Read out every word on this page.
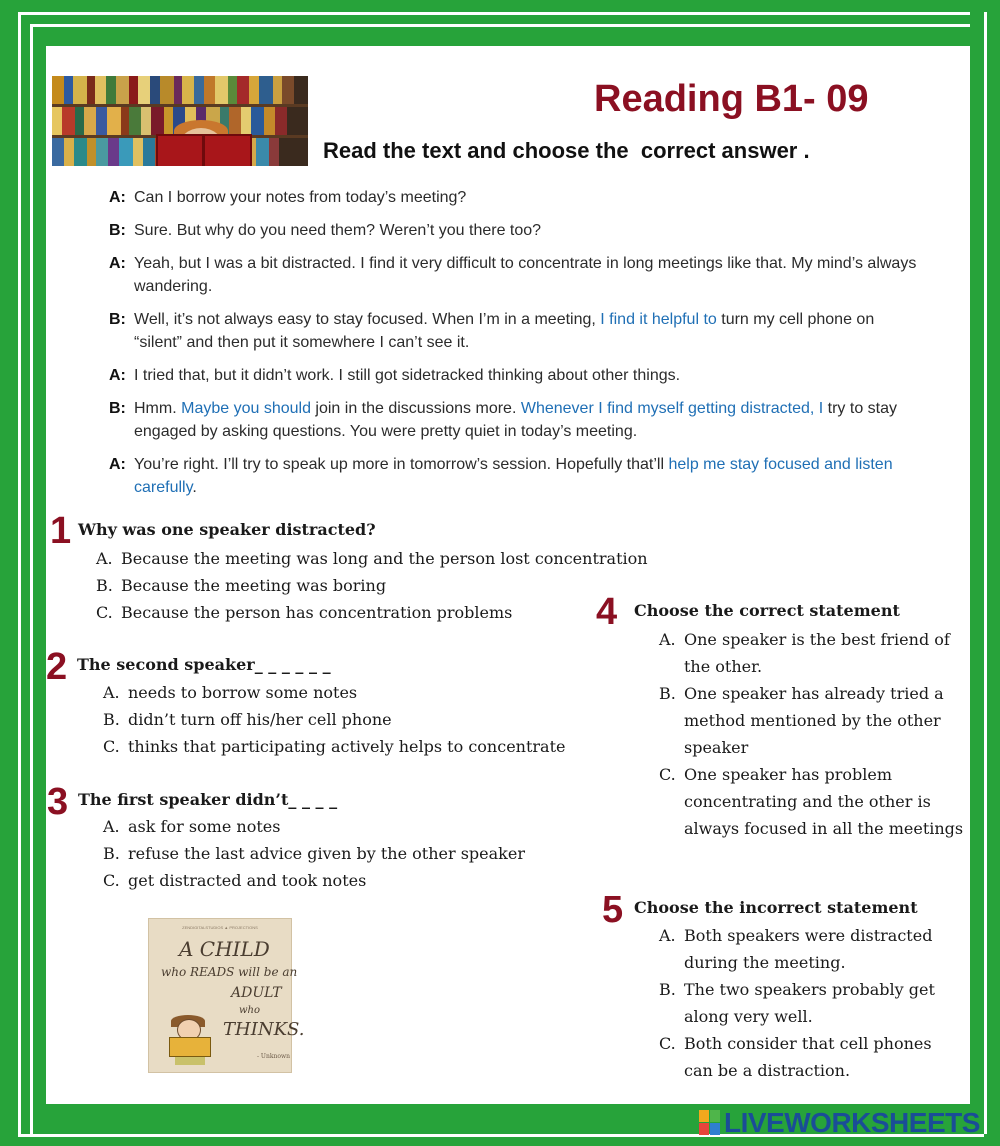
Reading B1- 09
Read the text and choose the  correct answer .
A: Can I borrow your notes from today’s meeting?
B: Sure. But why do you need them? Weren’t you there too?
A: Yeah, but I was a bit distracted. I find it very difficult to concentrate in long meetings like that. My mind’s always wandering.
B: Well, it’s not always easy to stay focused. When I’m in a meeting, I find it helpful to turn my cell phone on “silent” and then put it somewhere I can’t see it.
A: I tried that, but it didn’t work. I still got sidetracked thinking about other things.
B: Hmm. Maybe you should join in the discussions more. Whenever I find myself getting distracted, I try to stay engaged by asking questions. You were pretty quiet in today’s meeting.
A: You’re right. I’ll try to speak up more in tomorrow’s session. Hopefully that’ll help me stay focused and listen carefully.
1 Why was one speaker distracted?
A. Because the meeting was long and the person lost concentration
B. Because the meeting was boring
C. Because the person has concentration problems
2 The second speaker_ _ _ _ _ _
A. needs to borrow some notes
B. didn’t turn off his/her cell phone
C. thinks that participating actively helps to concentrate
3 The first speaker didn’t_ _ _ _
A. ask for some notes
B. refuse the last advice given by the other speaker
C. get distracted and took notes
4 Choose the correct statement
A. One speaker is the best friend of the other.
B. One speaker has already tried a method mentioned by the other speaker
C. One speaker has problem concentrating and the other is always focused in all the meetings
5 Choose the incorrect statement
A. Both speakers were distracted during the meeting.
B. The two speakers probably get along very well.
C. Both consider that cell phones can be a distraction.
ZENDIGITALSTUDIOS ▲ PROJECTIONS
A CHILD
who READS will be an
ADULT
who
THINKS.
- Unknown
LIVEWORKSHEETS
